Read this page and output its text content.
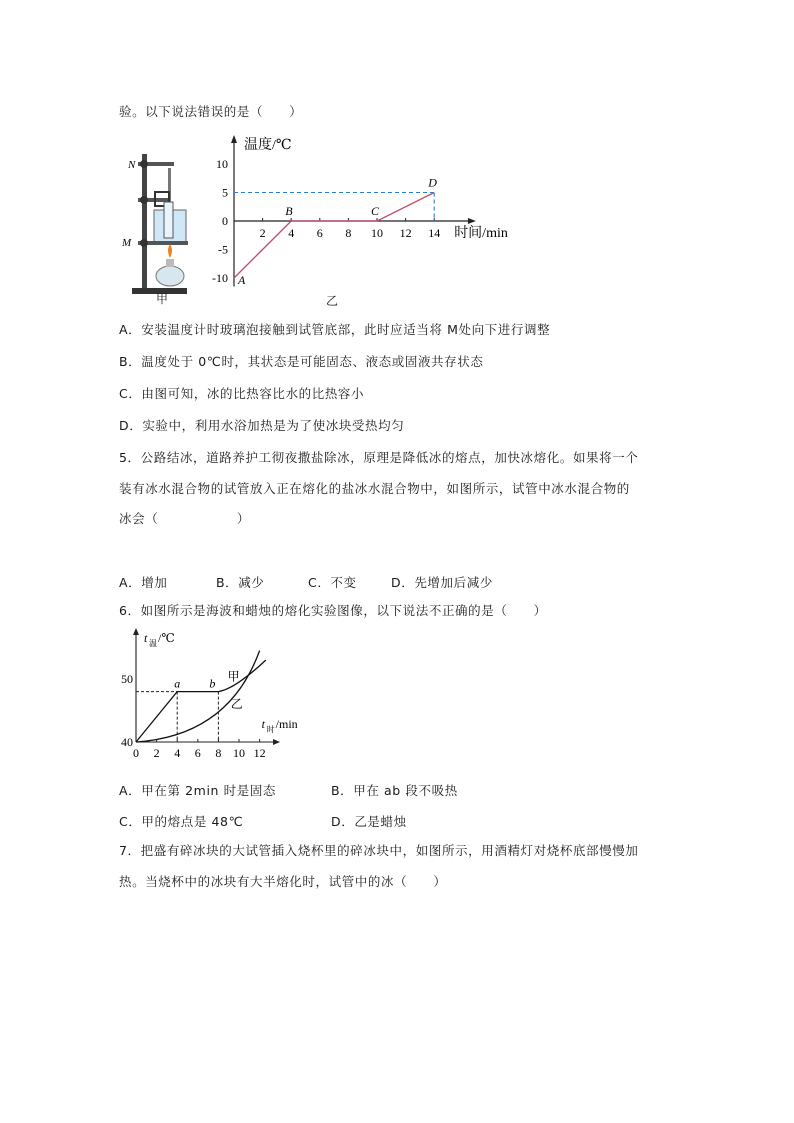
验。以下说法错误的是（　　）
N
M
甲
温度/℃
时间/min
10
5
0
-5
-10
2 4 6 8 10 12 14
A
B	C
D
乙
A．安装温度计时玻璃泡接触到试管底部，此时应适当将 M处向下进行调整
B．温度处于 0℃时，其状态是可能固态、液态或固液共存状态
C．由图可知，冰的比热容比水的比热容小
D．实验中，利用水浴加热是为了使冰块受热均匀
5．公路结冰，道路养护工彻夜撒盐除冰，原理是降低冰的熔点，加快冰熔化。如果将一个
装有冰水混合物的试管放入正在熔化的盐冰水混合物中，如图所示，试管中冰水混合物的
冰会（　　　　　　）
A．增加	B．减少	C．不变	D．先增加后减少
6．如图所示是海波和蜡烛的熔化实验图像，以下说法不正确的是（　　）
t 温 /℃
t 时 /min
0 2 4 6 8 10 12
50
40
a b
甲
乙
A．甲在第 2min 时是固态	B．甲在 ab 段不吸热
C．甲的熔点是 48℃	D．乙是蜡烛
7．把盛有碎冰块的大试管插入烧杯里的碎冰块中，如图所示，用酒精灯对烧杯底部慢慢加
热。当烧杯中的冰块有大半熔化时，试管中的冰（　　）
